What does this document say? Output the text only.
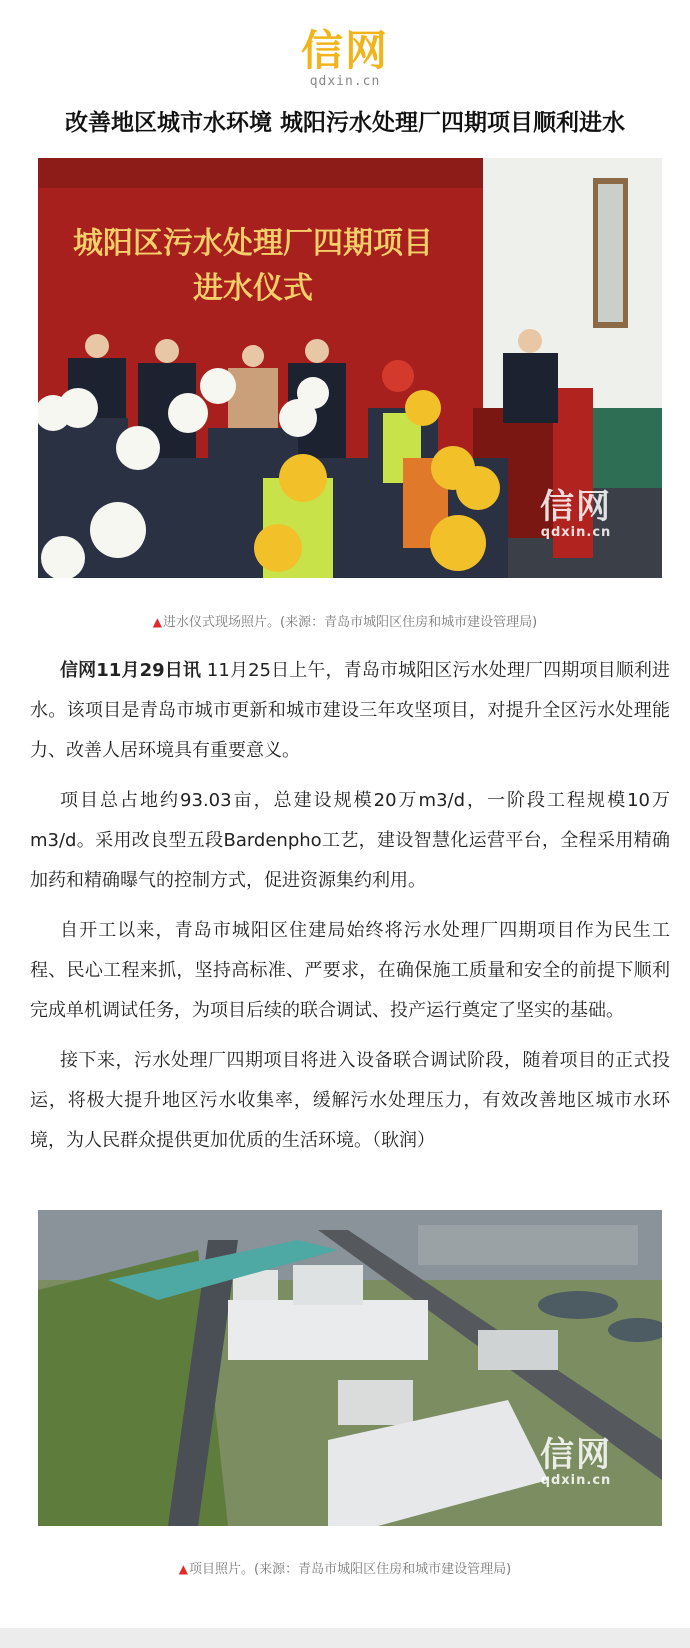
信网
qdxin.cn
改善地区城市水环境 城阳污水处理厂四期项目顺利进水
城阳区污水处理厂四期项目
进水仪式
信网
qdxin.cn
▲进水仪式现场照片。(来源：青岛市城阳区住房和城市建设管理局)

信网11月29日讯 11月25日上午，青岛市城阳区污水处理厂四期项目顺利进水。该项目是青岛市城市更新和城市建设三年攻坚项目，对提升全区污水处理能力、改善人居环境具有重要意义。

项目总占地约93.03亩，总建设规模20万m3/d，一阶段工程规模10万m3/d。采用改良型五段Bardenpho工艺，建设智慧化运营平台，全程采用精确加药和精确曝气的控制方式，促进资源集约利用。

自开工以来，青岛市城阳区住建局始终将污水处理厂四期项目作为民生工程、民心工程来抓，坚持高标准、严要求，在确保施工质量和安全的前提下顺利完成单机调试任务，为项目后续的联合调试、投产运行奠定了坚实的基础。

接下来，污水处理厂四期项目将进入设备联合调试阶段，随着项目的正式投运，将极大提升地区污水收集率，缓解污水处理压力，有效改善地区城市水环境，为人民群众提供更加优质的生活环境。（耿润）

信网
qdxin.cn
▲项目照片。(来源：青岛市城阳区住房和城市建设管理局)
